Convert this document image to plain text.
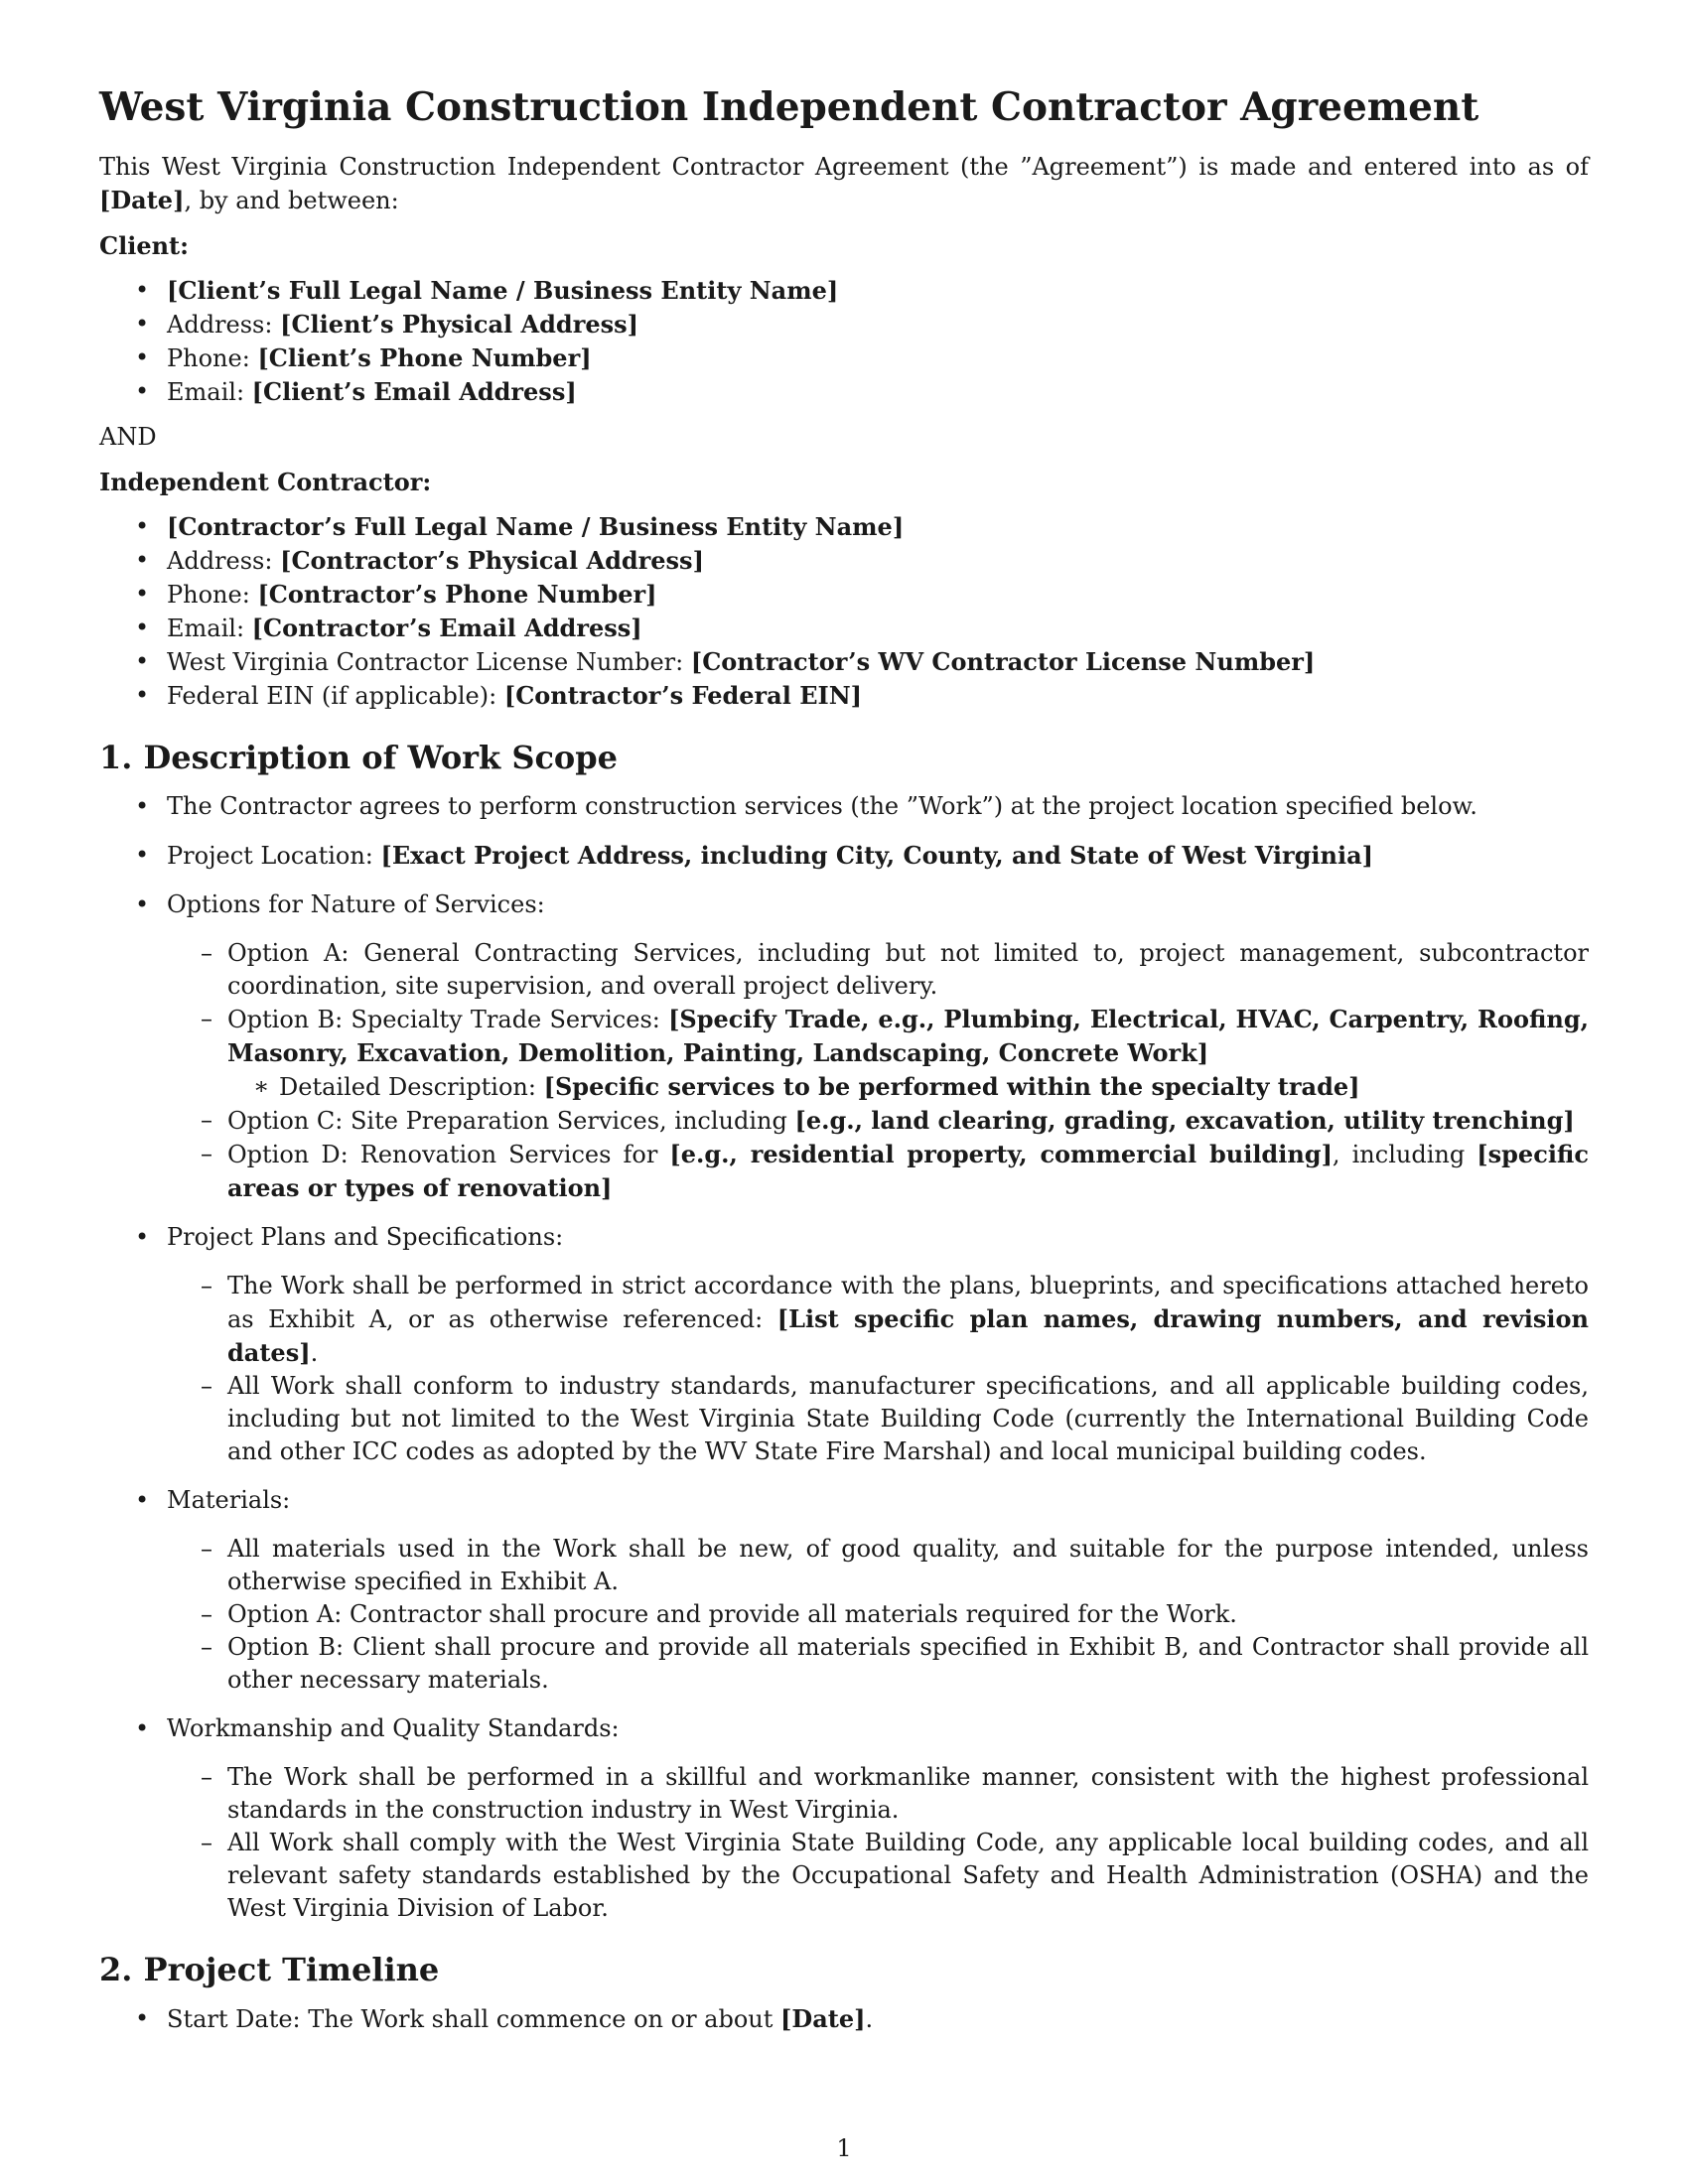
West Virginia Construction Independent Contractor Agreement

This West Virginia Construction Independent Contractor Agreement (the ”Agreement”) is made and entered into as of [Date], by and between:

Client:
• [Client’s Full Legal Name / Business Entity Name]
• Address: [Client’s Physical Address]
• Phone: [Client’s Phone Number]
• Email: [Client’s Email Address]

AND

Independent Contractor:
• [Contractor’s Full Legal Name / Business Entity Name]
• Address: [Contractor’s Physical Address]
• Phone: [Contractor’s Phone Number]
• Email: [Contractor’s Email Address]
• West Virginia Contractor License Number: [Contractor’s WV Contractor License Number]
• Federal EIN (if applicable): [Contractor’s Federal EIN]
1. Description of Work Scope
• The Contractor agrees to perform construction services (the ”Work”) at the project location specified below.
• Project Location: [Exact Project Address, including City, County, and State of West Virginia]
• Options for Nature of Services:
– Option A: General Contracting Services, including but not limited to, project management, subcontractor coordination, site supervision, and overall project delivery.
– Option B: Specialty Trade Services: [Specify Trade, e.g., Plumbing, Electrical, HVAC, Carpentry, Roofing, Masonry, Excavation, Demolition, Painting, Landscaping, Concrete Work]
∗ Detailed Description: [Specific services to be performed within the specialty trade]
– Option C: Site Preparation Services, including [e.g., land clearing, grading, excavation, utility trenching]
– Option D: Renovation Services for [e.g., residential property, commercial building], including [specific areas or types of renovation]
• Project Plans and Specifications:
– The Work shall be performed in strict accordance with the plans, blueprints, and specifications attached hereto as Exhibit A, or as otherwise referenced: [List specific plan names, drawing numbers, and revision dates].
– All Work shall conform to industry standards, manufacturer specifications, and all applicable building codes, including but not limited to the West Virginia State Building Code (currently the International Building Code and other ICC codes as adopted by the WV State Fire Marshal) and local municipal building codes.
• Materials:
– All materials used in the Work shall be new, of good quality, and suitable for the purpose intended, unless otherwise specified in Exhibit A.
– Option A: Contractor shall procure and provide all materials required for the Work.
– Option B: Client shall procure and provide all materials specified in Exhibit B, and Contractor shall provide all other necessary materials.
• Workmanship and Quality Standards:
– The Work shall be performed in a skillful and workmanlike manner, consistent with the highest professional standards in the construction industry in West Virginia.
– All Work shall comply with the West Virginia State Building Code, any applicable local building codes, and all relevant safety standards established by the Occupational Safety and Health Administration (OSHA) and the West Virginia Division of Labor.
2. Project Timeline
• Start Date: The Work shall commence on or about [Date].
1
